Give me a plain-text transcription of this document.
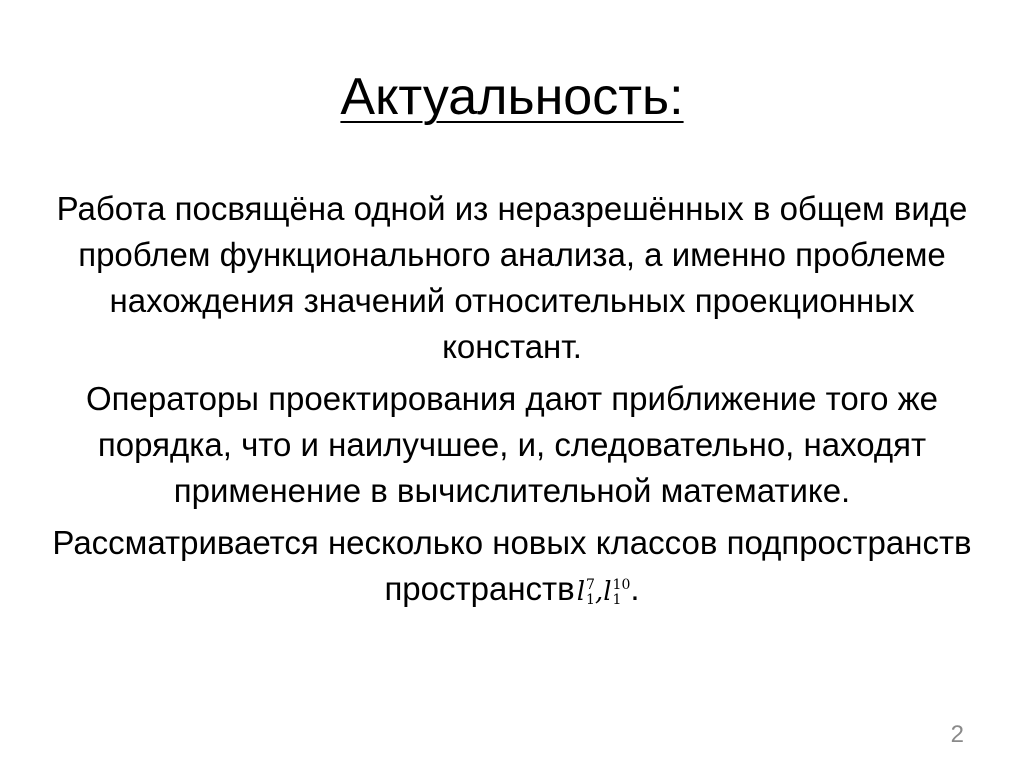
Актуальность:

Работа посвящёна одной из неразрешённых в общем виде проблем функционального анализа, а именно проблеме нахождения значений относительных проекционных констант.

Операторы проектирования дают приближение того же порядка, что и наилучшее, и, следовательно, находят применение в вычислительной математике.

Рассматривается несколько новых классов подпространств пространствl 7
1 ,l 10
1 .

2
